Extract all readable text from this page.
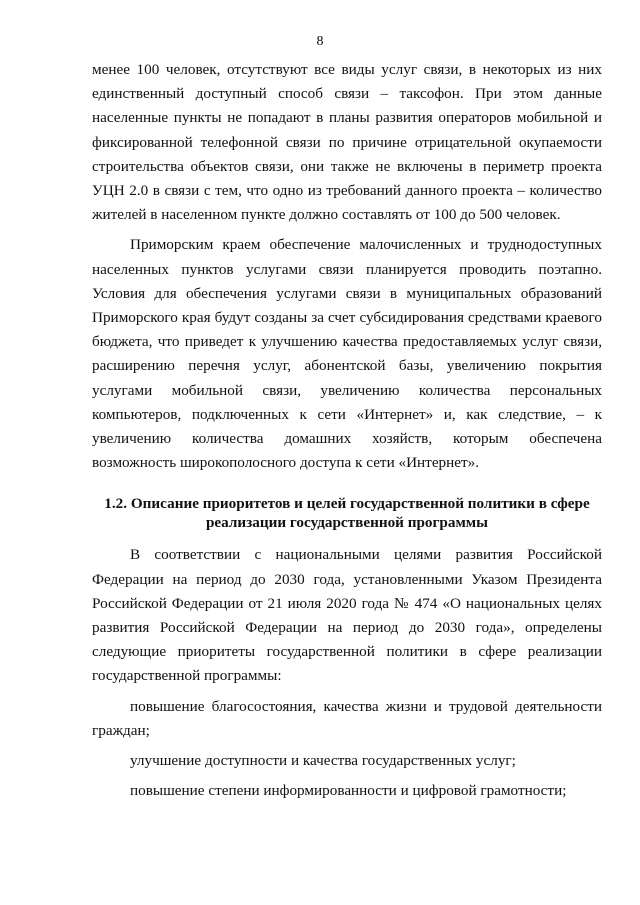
8

менее 100 человек, отсутствуют все виды услуг связи, в некоторых из них единственный доступный способ связи – таксофон. При этом данные населенные пункты не попадают в планы развития операторов мобильной и фиксированной телефонной связи по причине отрицательной окупаемости строительства объектов связи, они также не включены в периметр проекта УЦН 2.0 в связи с тем, что одно из требований данного проекта – количество жителей в населенном пункте должно составлять от 100 до 500 человек.

Приморским краем обеспечение малочисленных и труднодоступных населенных пунктов услугами связи планируется проводить поэтапно. Условия для обеспечения услугами связи в муниципальных образований Приморского края будут созданы за счет субсидирования средствами краевого бюджета, что приведет к улучшению качества предоставляемых услуг связи, расширению перечня услуг, абонентской базы, увеличению покрытия услугами мобильной связи, увеличению количества персональных компьютеров, подключенных к сети «Интернет» и, как следствие, – к увеличению количества домашних хозяйств, которым обеспечена возможность широкополосного доступа к сети «Интернет».

1.2. Описание приоритетов и целей государственной политики в сфере
реализации государственной программы

В соответствии с национальными целями развития Российской Федерации на период до 2030 года, установленными Указом Президента Российской Федерации от 21 июля 2020 года № 474 «О национальных целях развития Российской Федерации на период до 2030 года», определены следующие приоритеты государственной политики в сфере реализации государственной программы:

повышение благосостояния, качества жизни и трудовой деятельности граждан;

улучшение доступности и качества государственных услуг;

повышение степени информированности и цифровой грамотности;
